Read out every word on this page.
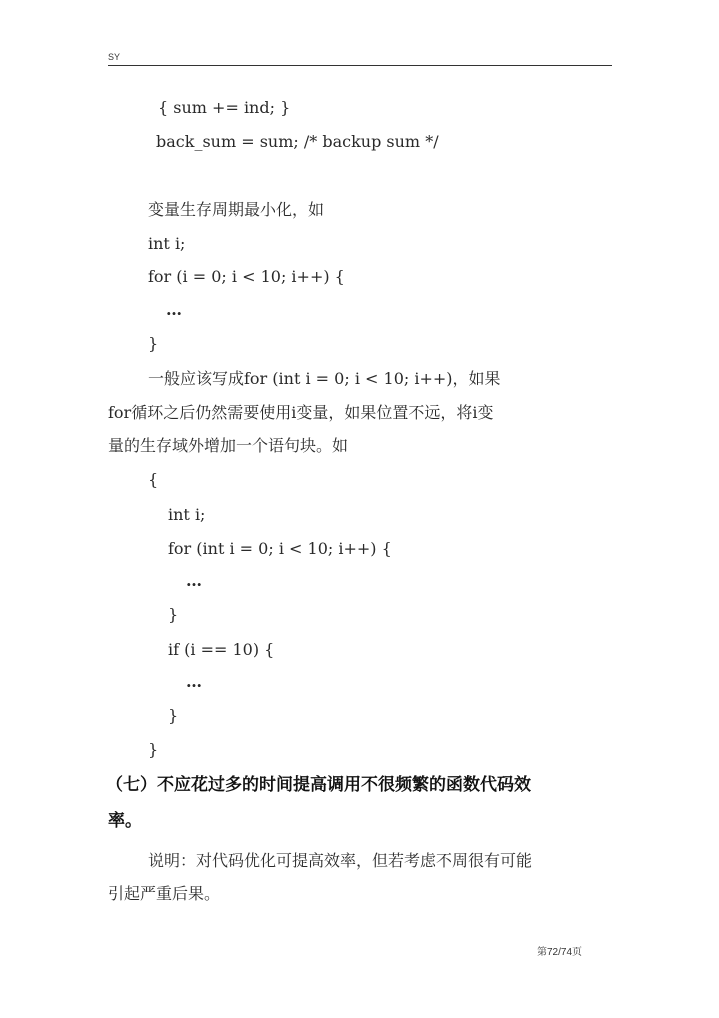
SY
{ sum += ind; }
back_sum = sum; /* backup sum */
变量生存周期最小化，如
int i;
for (i = 0; i < 10; i++) {
…
}
一般应该写成for (int i = 0; i < 10; i++)，如果
for循环之后仍然需要使用i变量，如果位置不远，将i变
量的生存域外增加一个语句块。如
{
int i;
for (int i = 0; i < 10; i++) {
…
}
if (i == 10) {
…
}
}
（七）不应花过多的时间提高调用不很频繁的函数代码效
率。
说明：对代码优化可提高效率，但若考虑不周很有可能
引起严重后果。
第72/74页
